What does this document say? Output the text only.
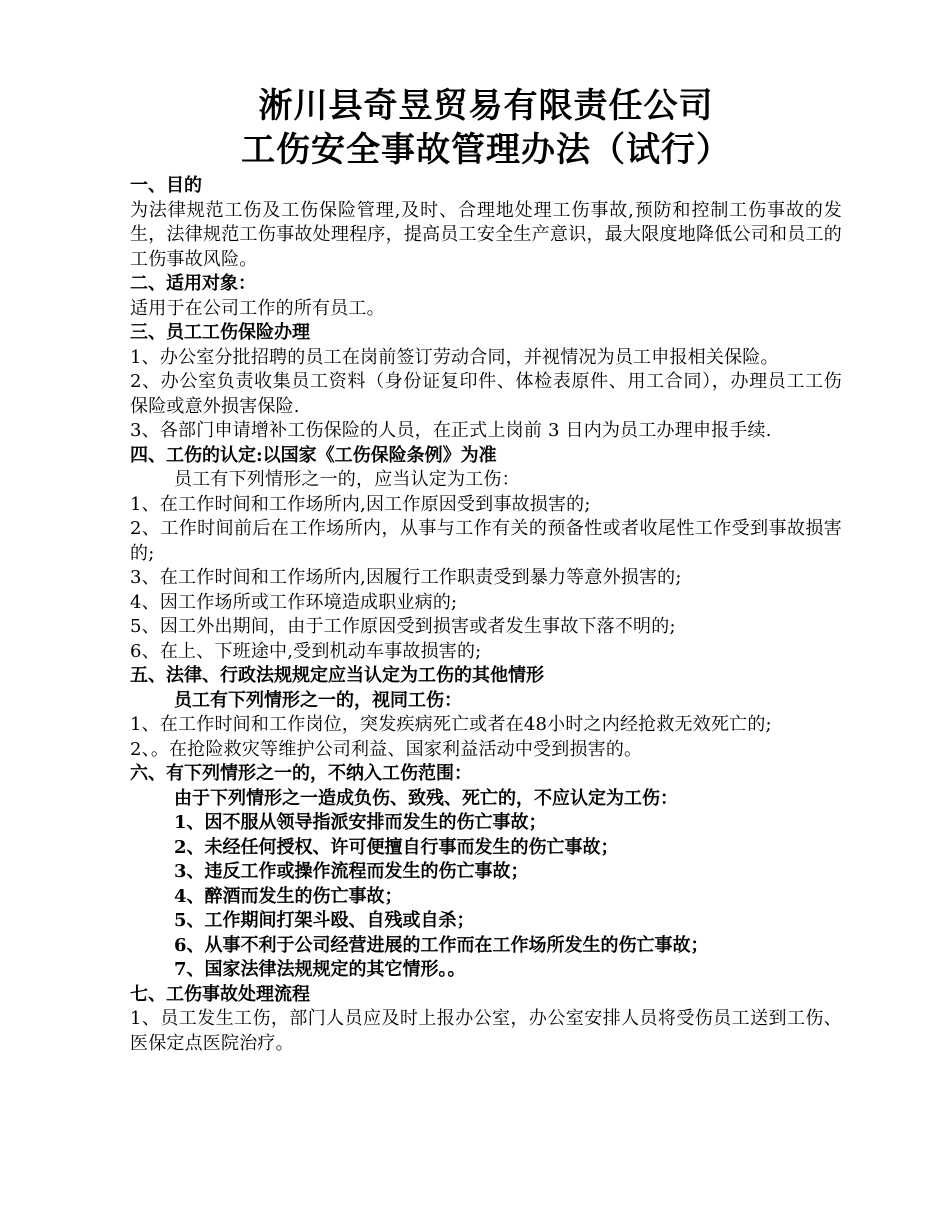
淅川县奇昱贸易有限责任公司
工伤安全事故管理办法（试行）
一、目的
为法律规范工伤及工伤保险管理,及时、合理地处理工伤事故,预防和控制工伤事故的发生，法律规范工伤事故处理程序，提高员工安全生产意识，最大限度地降低公司和员工的工伤事故风险。
二、适用对象：
适用于在公司工作的所有员工。
三、员工工伤保险办理
1、办公室分批招聘的员工在岗前签订劳动合同，并视情况为员工申报相关保险。
2、办公室负责收集员工资料（身份证复印件、体检表原件、用工合同），办理员工工伤保险或意外损害保险.
3、各部门申请增补工伤保险的人员，在正式上岗前 3 日内为员工办理申报手续.
四、工伤的认定:以国家《工伤保险条例》为准
员工有下列情形之一的，应当认定为工伤：
1、在工作时间和工作场所内,因工作原因受到事故损害的;
2、工作时间前后在工作场所内，从事与工作有关的预备性或者收尾性工作受到事故损害的;
3、在工作时间和工作场所内,因履行工作职责受到暴力等意外损害的;
4、因工作场所或工作环境造成职业病的;
5、因工外出期间，由于工作原因受到损害或者发生事故下落不明的;
6、在上、下班途中,受到机动车事故损害的;
五、法律、行政法规规定应当认定为工伤的其他情形
员工有下列情形之一的，视同工伤：
1、在工作时间和工作岗位，突发疾病死亡或者在48小时之内经抢救无效死亡的;
2、。在抢险救灾等维护公司利益、国家利益活动中受到损害的。
六、有下列情形之一的，不纳入工伤范围：
由于下列情形之一造成负伤、致残、死亡的，不应认定为工伤：
1、因不服从领导指派安排而发生的伤亡事故；
2、未经任何授权、许可便擅自行事而发生的伤亡事故；
3、违反工作或操作流程而发生的伤亡事故；
4、醉酒而发生的伤亡事故；
5、工作期间打架斗殴、自残或自杀；
6、从事不利于公司经营进展的工作而在工作场所发生的伤亡事故；
7、国家法律法规规定的其它情形。。
七、工伤事故处理流程
1、员工发生工伤，部门人员应及时上报办公室，办公室安排人员将受伤员工送到工伤、医保定点医院治疗。
